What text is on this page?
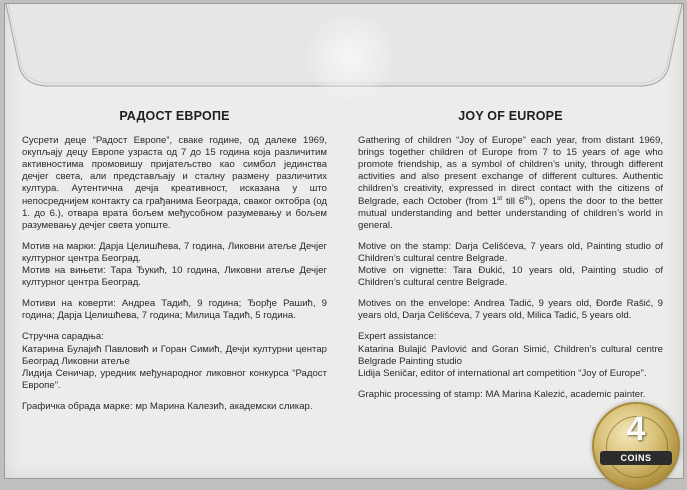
РАДОСТ ЕВРОПЕ

Сусрети деце “Радост Европе”, сваке године, од далеке 1969, окупљају децу Европе узраста од 7 до 15 година која различитим активностима промовишу пријатељство као симбол јединства дечјег света, али представљају и сталну размену различитих култура. Аутентична дечја креативност, исказана у што непосреднијем контакту са грађанима Београда, сваког октобра (од 1. до 6.), отвара врата бољем међусобном разумевању и бољем разумевању дечјег света уопште.

Мотив на марки: Дарја Целишћева, 7 година, Ликовни атеље Дечјег културног центра Београд.

Мотив на вињети: Тара Ђукић, 10 година, Ликовни атеље Дечјег културног центра Београд.

Мотиви на коверти: Андреа Тадић, 9 година; Ђорђе Рашић, 9 година; Дарја Целишћева, 7 година; Милица Тадић, 5 година.

Стручна сарадња:

Катарина Булајић Павловић и Горан Симић, Дечји културни центар Београд Ликовни атеље

Лидија Сеничар, уредник међународног ликовног конкурса “Радост Европе”.

Графичка обрада марке: мр Марина Калезић, академски сликар.

JOY OF EUROPE

Gathering of children “Joy of Europe” each year, from distant 1969, brings together children of Europe from 7 to 15 years of age who promote friendship, as a symbol of children’s unity, through different activities and also present exchange of different cultures. Authentic children’s creativity, expressed in direct contact with the citizens of Belgrade, each October (from 1st till 6th), opens the door to the better mutual understanding and better understanding of children’s world in general.

Motive on the stamp: Darja Celišćeva, 7 years old, Painting studio of Children’s cultural centre Belgrade.

Motive on vignette: Tara Đukić, 10 years old, Painting studio of Children’s cultural centre Belgrade.

Motives on the envelope: Andrea Tadić, 9 years old, Đorđe Rašić, 9 years old, Darja Celišćeva, 7 years old, Milica Tadić, 5 years old.

Expert assistance:

Katarina Bulajić Pavlović and Goran Simić, Children’s cultural centre Belgrade Painting studio

Lidija Seničar, editor of international art competition “Joy of Europe”.

Graphic processing of stamp: MA Marina Kalezić, academic painter.

4
COINS
